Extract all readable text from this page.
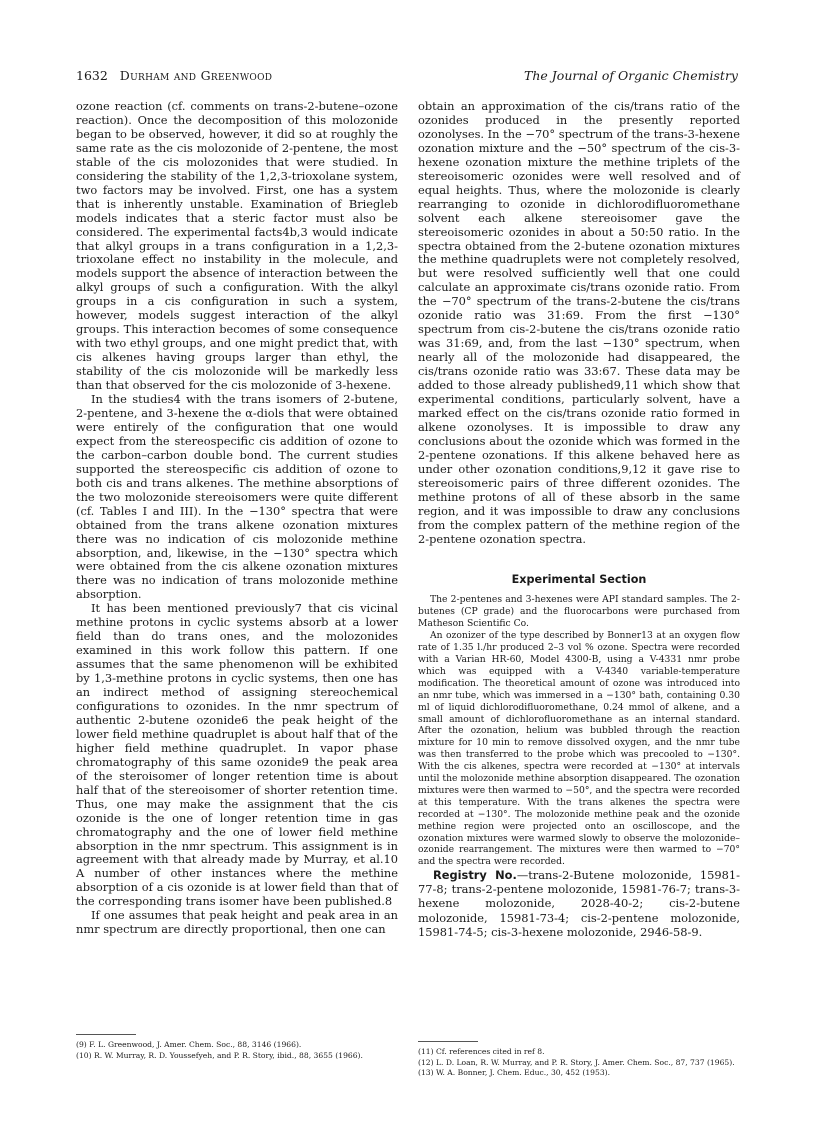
1632 Durham and Greenwood	The Journal of Organic Chemistry

ozone reaction (cf. comments on trans-2-butene–ozone reaction). Once the decomposition of this molozonide began to be observed, however, it did so at roughly the same rate as the cis molozonide of 2-pentene, the most stable of the cis molozonides that were studied. In considering the stability of the 1,2,3-trioxolane system, two factors may be involved. First, one has a system that is inherently unstable. Examination of Briegleb models indicates that a steric factor must also be considered. The experimental facts4b,3 would indicate that alkyl groups in a trans configuration in a 1,2,3-trioxolane effect no instability in the molecule, and models support the absence of interaction between the alkyl groups of such a configuration. With the alkyl groups in a cis configuration in such a system, however, models suggest interaction of the alkyl groups. This interaction becomes of some consequence with two ethyl groups, and one might predict that, with cis alkenes having groups larger than ethyl, the stability of the cis molozonide will be markedly less than that observed for the cis molozonide of 3-hexene.

In the studies4 with the trans isomers of 2-butene, 2-pentene, and 3-hexene the α-diols that were obtained were entirely of the configuration that one would expect from the stereospecific cis addition of ozone to the carbon–carbon double bond. The current studies supported the stereospecific cis addition of ozone to both cis and trans alkenes. The methine absorptions of the two molozonide stereoisomers were quite different (cf. Tables I and III). In the −130° spectra that were obtained from the trans alkene ozonation mixtures there was no indication of cis molozonide methine absorption, and, likewise, in the −130° spectra which were obtained from the cis alkene ozonation mixtures there was no indication of trans molozonide methine absorption.

It has been mentioned previously7 that cis vicinal methine protons in cyclic systems absorb at a lower field than do trans ones, and the molozonides examined in this work follow this pattern. If one assumes that the same phenomenon will be exhibited by 1,3-methine protons in cyclic systems, then one has an indirect method of assigning stereochemical configurations to ozonides. In the nmr spectrum of authentic 2-butene ozonide6 the peak height of the lower field methine quadruplet is about half that of the higher field methine quadruplet. In vapor phase chromatography of this same ozonide9 the peak area of the steroisomer of longer retention time is about half that of the stereoisomer of shorter retention time. Thus, one may make the assignment that the cis ozonide is the one of longer retention time in gas chromatography and the one of lower field methine absorption in the nmr spectrum. This assignment is in agreement with that already made by Murray, et al.10 A number of other instances where the methine absorption of a cis ozonide is at lower field than that of the corresponding trans isomer have been published.8

If one assumes that peak height and peak area in an nmr spectrum are directly proportional, then one can

(9) F. L. Greenwood, J. Amer. Chem. Soc., 88, 3146 (1966).

(10) R. W. Murray, R. D. Youssefyeh, and P. R. Story, ibid., 88, 3655 (1966).

obtain an approximation of the cis/trans ratio of the ozonides produced in the presently reported ozonolyses. In the −70° spectrum of the trans-3-hexene ozonation mixture and the −50° spectrum of the cis-3-hexene ozonation mixture the methine triplets of the stereoisomeric ozonides were well resolved and of equal heights. Thus, where the molozonide is clearly rearranging to ozonide in dichlorodifluoromethane solvent each alkene stereoisomer gave the stereoisomeric ozonides in about a 50:50 ratio. In the spectra obtained from the 2-butene ozonation mixtures the methine quadruplets were not completely resolved, but were resolved sufficiently well that one could calculate an approximate cis/trans ozonide ratio. From the −70° spectrum of the trans-2-butene the cis/trans ozonide ratio was 31:69. From the first −130° spectrum from cis-2-butene the cis/trans ozonide ratio was 31:69, and, from the last −130° spectrum, when nearly all of the molozonide had disappeared, the cis/trans ozonide ratio was 33:67. These data may be added to those already published9,11 which show that experimental conditions, particularly solvent, have a marked effect on the cis/trans ozonide ratio formed in alkene ozonolyses. It is impossible to draw any conclusions about the ozonide which was formed in the 2-pentene ozonations. If this alkene behaved here as under other ozonation conditions,9,12 it gave rise to stereoisomeric pairs of three different ozonides. The methine protons of all of these absorb in the same region, and it was impossible to draw any conclusions from the complex pattern of the methine region of the 2-pentene ozonation spectra.

Experimental Section

The 2-pentenes and 3-hexenes were API standard samples. The 2-butenes (CP grade) and the fluorocarbons were purchased from Matheson Scientific Co.

An ozonizer of the type described by Bonner13 at an oxygen flow rate of 1.35 l./hr produced 2–3 vol % ozone. Spectra were recorded with a Varian HR-60, Model 4300-B, using a V-4331 nmr probe which was equipped with a V-4340 variable-temperature modification. The theoretical amount of ozone was introduced into an nmr tube, which was immersed in a −130° bath, containing 0.30 ml of liquid dichlorodifluoromethane, 0.24 mmol of alkene, and a small amount of dichlorofluoromethane as an internal standard. After the ozonation, helium was bubbled through the reaction mixture for 10 min to remove dissolved oxygen, and the nmr tube was then transferred to the probe which was precooled to −130°. With the cis alkenes, spectra were recorded at −130° at intervals until the molozonide methine absorption disappeared. The ozonation mixtures were then warmed to −50°, and the spectra were recorded at this temperature. With the trans alkenes the spectra were recorded at −130°. The molozonide methine peak and the ozonide methine region were projected onto an oscilloscope, and the ozonation mixtures were warmed slowly to observe the molozonide–ozonide rearrangement. The mixtures were then warmed to −70° and the spectra were recorded.

Registry No.—trans-2-Butene molozonide, 15981-77-8; trans-2-pentene molozonide, 15981-76-7; trans-3-hexene molozonide, 2028-40-2; cis-2-butene molozonide, 15981-73-4; cis-2-pentene molozonide, 15981-74-5; cis-3-hexene molozonide, 2946-58-9.

(11) Cf. references cited in ref 8.

(12) L. D. Loan, R. W. Murray, and P. R. Story, J. Amer. Chem. Soc., 87, 737 (1965).

(13) W. A. Bonner, J. Chem. Educ., 30, 452 (1953).
